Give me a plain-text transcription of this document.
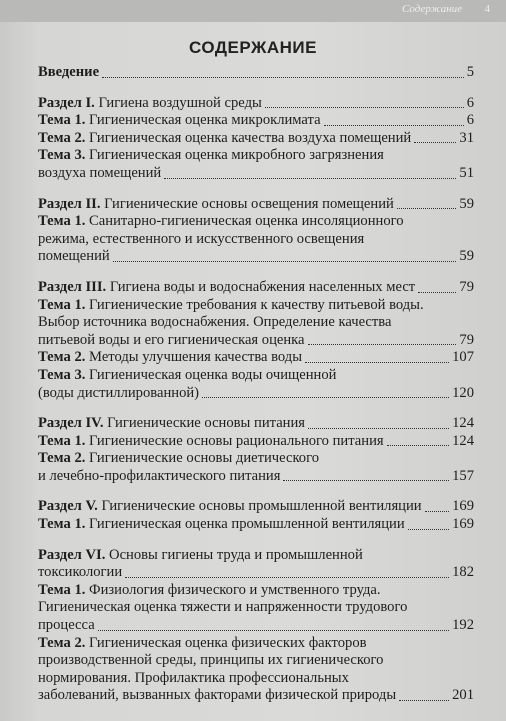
Содержание 4
СОДЕРЖАНИЕ
Введение	5
Раздел I. Гигиена воздушной среды	6
Тема 1. Гигиеническая оценка микроклимата	6
Тема 2. Гигиеническая оценка качества воздуха помещений	31
Тема 3. Гигиеническая оценка микробного загрязнения
воздуха помещений	51
Раздел II. Гигиенические основы освещения помещений	59
Тема 1. Санитарно-гигиеническая оценка инсоляционного
режима, естественного и искусственного освещения
помещений	59
Раздел III. Гигиена воды и водоснабжения населенных мест	79
Тема 1. Гигиенические требования к качеству питьевой воды.
Выбор источника водоснабжения. Определение качества
питьевой воды и его гигиеническая оценка	79
Тема 2. Методы улучшения качества воды	107
Тема 3. Гигиеническая оценка воды очищенной
(воды дистиллированной)	120
Раздел IV. Гигиенические основы питания	124
Тема 1. Гигиенические основы рационального питания	124
Тема 2. Гигиенические основы диетического
и лечебно-профилактического питания	157
Раздел V. Гигиенические основы промышленной вентиляции 169
Тема 1. Гигиеническая оценка промышленной вентиляции	169
Раздел VI. Основы гигиены труда и промышленной
токсикологии	182
Тема 1. Физиология физического и умственного труда.
Гигиеническая оценка тяжести и напряженности трудового
процесса	192
Тема 2. Гигиеническая оценка физических факторов
производственной среды, принципы их гигиенического
нормирования. Профилактика профессиональных
заболеваний, вызванных факторами физической природы	201
